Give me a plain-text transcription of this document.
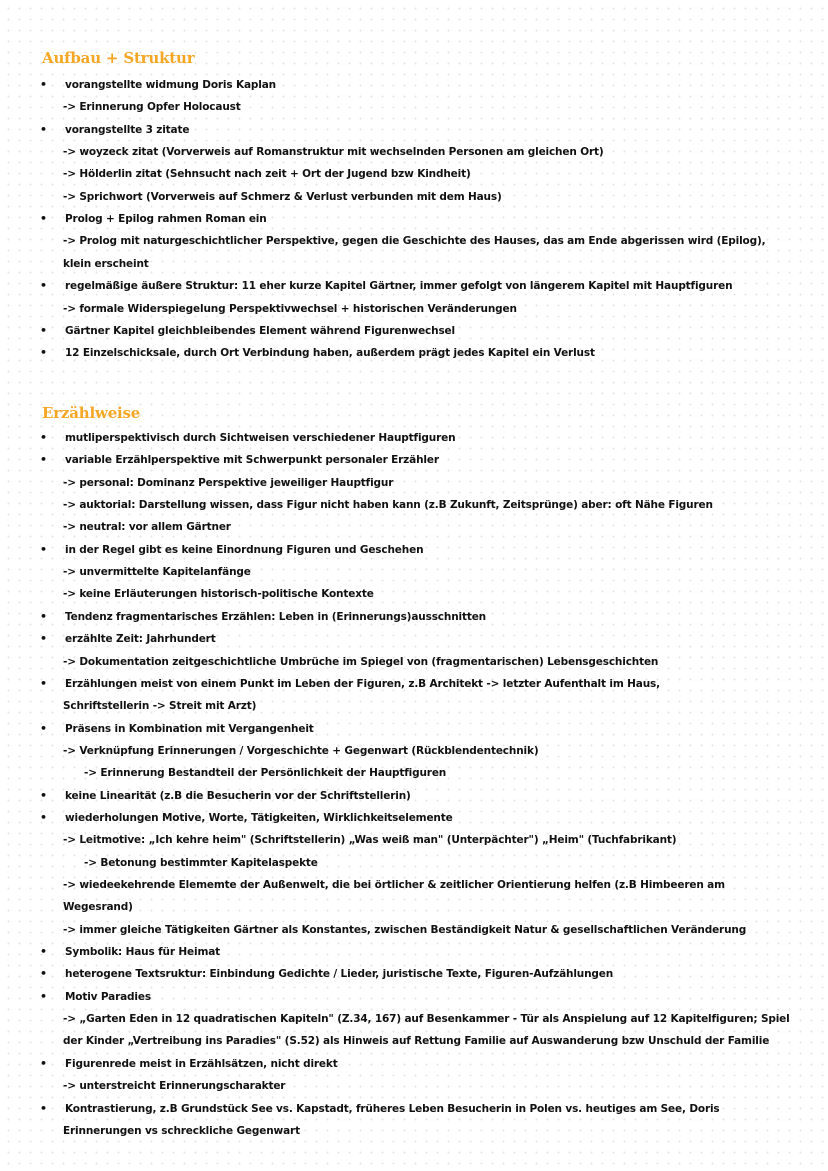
Aufbau + Struktur
• vorangstellte widmung Doris Kaplan
-> Erinnerung Opfer Holocaust
• vorangstellte 3 zitate
-> woyzeck zitat (Vorverweis auf Romanstruktur mit wechselnden Personen am gleichen Ort)
-> Hölderlin zitat (Sehnsucht nach zeit + Ort der Jugend bzw Kindheit)
-> Sprichwort (Vorverweis auf Schmerz & Verlust verbunden mit dem Haus)
• Prolog + Epilog rahmen Roman ein
-> Prolog mit naturgeschichtlicher Perspektive, gegen die Geschichte des Hauses, das am Ende abgerissen wird (Epilog),
klein erscheint
• regelmäßige äußere Struktur: 11 eher kurze Kapitel Gärtner, immer gefolgt von längerem Kapitel mit Hauptfiguren
-> formale Widerspiegelung Perspektivwechsel + historischen Veränderungen
• Gärtner Kapitel gleichbleibendes Element während Figurenwechsel
• 12 Einzelschicksale, durch Ort Verbindung haben, außerdem prägt jedes Kapitel ein Verlust
Erzählweise
• mutliperspektivisch durch Sichtweisen verschiedener Hauptfiguren
• variable Erzählperspektive mit Schwerpunkt personaler Erzähler
-> personal: Dominanz Perspektive jeweiliger Hauptfigur
-> auktorial: Darstellung wissen, dass Figur nicht haben kann (z.B Zukunft, Zeitsprünge) aber: oft Nähe Figuren
-> neutral: vor allem Gärtner
• in der Regel gibt es keine Einordnung Figuren und Geschehen
-> unvermittelte Kapitelanfänge
-> keine Erläuterungen historisch-politische Kontexte
• Tendenz fragmentarisches Erzählen: Leben in (Erinnerungs)ausschnitten
• erzählte Zeit: Jahrhundert
-> Dokumentation zeitgeschichtliche Umbrüche im Spiegel von (fragmentarischen) Lebensgeschichten
• Erzählungen meist von einem Punkt im Leben der Figuren, z.B Architekt -> letzter Aufenthalt im Haus,
Schriftstellerin -> Streit mit Arzt)
• Präsens in Kombination mit Vergangenheit
-> Verknüpfung Erinnerungen / Vorgeschichte + Gegenwart (Rückblendentechnik)
-> Erinnerung Bestandteil der Persönlichkeit der Hauptfiguren
• keine Linearität (z.B die Besucherin vor der Schriftstellerin)
• wiederholungen Motive, Worte, Tätigkeiten, Wirklichkeitselemente
-> Leitmotive: „Ich kehre heim" (Schriftstellerin) „Was weiß man" (Unterpächter") „Heim" (Tuchfabrikant)
-> Betonung bestimmter Kapitelaspekte
-> wiedeekehrende Elememte der Außenwelt, die bei örtlicher & zeitlicher Orientierung helfen (z.B Himbeeren am
Wegesrand)
-> immer gleiche Tätigkeiten Gärtner als Konstantes, zwischen Beständigkeit Natur & gesellschaftlichen Veränderung
• Symbolik: Haus für Heimat
• heterogene Textsruktur: Einbindung Gedichte / Lieder, juristische Texte, Figuren-Aufzählungen
• Motiv Paradies
-> „Garten Eden in 12 quadratischen Kapiteln" (Z.34, 167) auf Besenkammer - Tür als Anspielung auf 12 Kapitelfiguren; Spiel
der Kinder „Vertreibung ins Paradies" (S.52) als Hinweis auf Rettung Familie auf Auswanderung bzw Unschuld der Familie
• Figurenrede meist in Erzählsätzen, nicht direkt
-> unterstreicht Erinnerungscharakter
• Kontrastierung, z.B Grundstück See vs. Kapstadt, früheres Leben Besucherin in Polen vs. heutiges am See, Doris
Erinnerungen vs schreckliche Gegenwart
